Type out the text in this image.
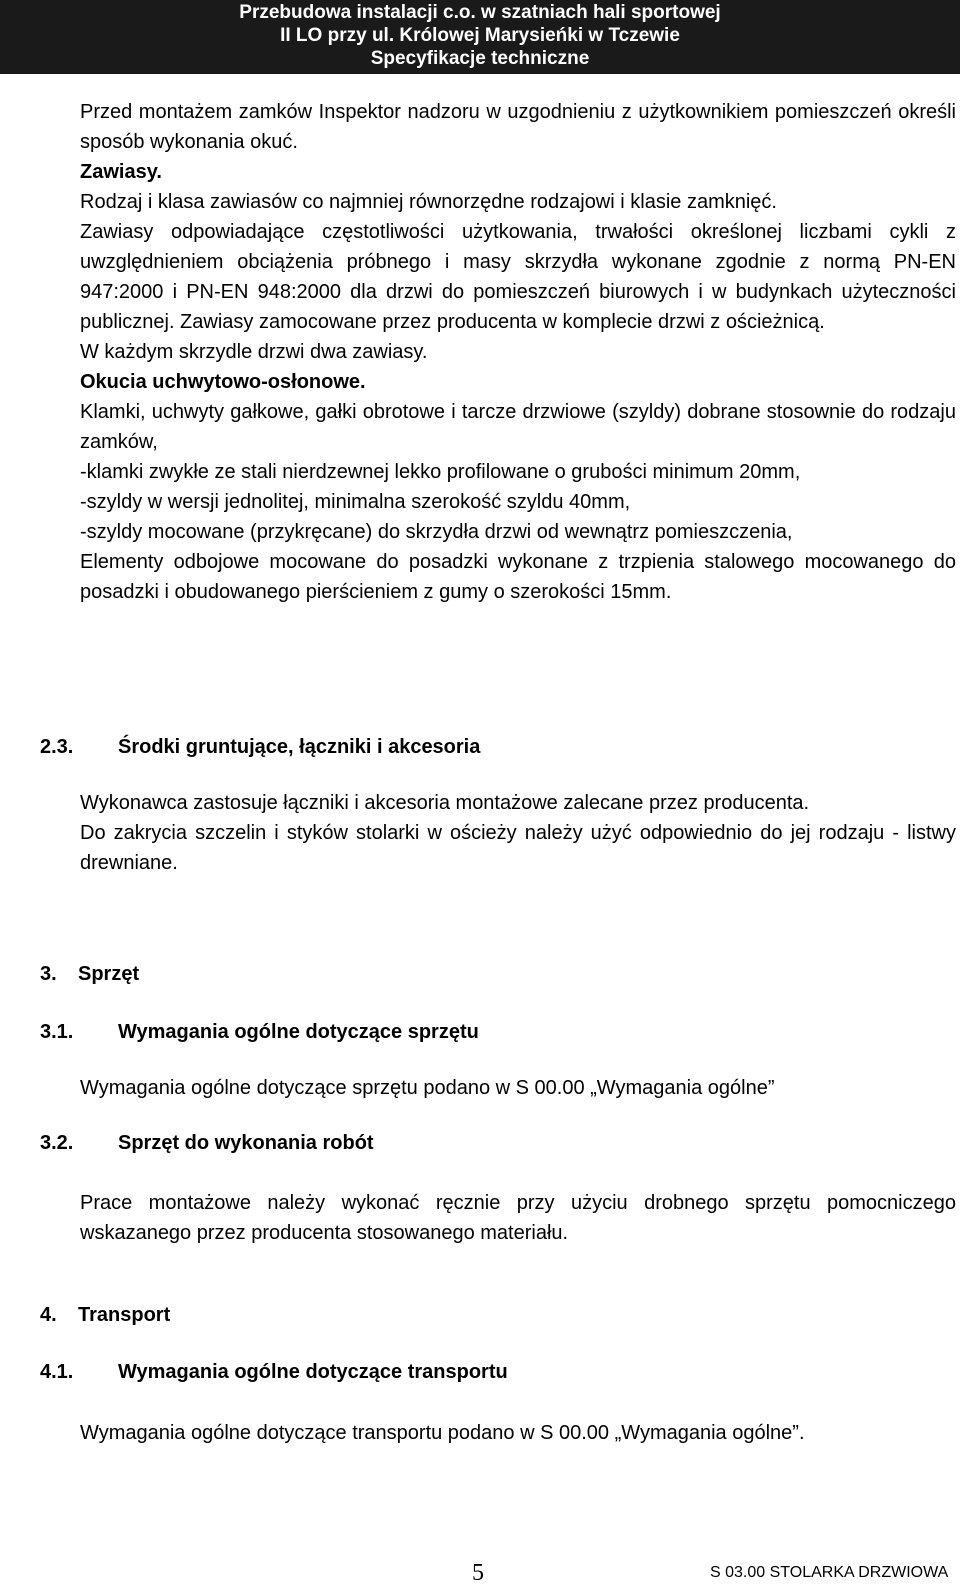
Przebudowa instalacji c.o. w szatniach hali sportowej
II LO przy ul. Królowej Marysieńki w Tczewie
Specyfikacje techniczne

Przed montażem zamków Inspektor nadzoru w uzgodnieniu z użytkownikiem pomieszczeń określi sposób wykonania okuć.

Zawiasy.

Rodzaj i klasa zawiasów co najmniej równorzędne rodzajowi i klasie zamknięć.

Zawiasy odpowiadające częstotliwości użytkowania, trwałości określonej liczbami cykli z uwzględnieniem obciążenia próbnego i masy skrzydła wykonane zgodnie z normą PN-EN 947:2000 i PN-EN 948:2000 dla drzwi do pomieszczeń biurowych i w budynkach użyteczności publicznej. Zawiasy zamocowane przez producenta w komplecie drzwi z ościeżnicą.

W każdym skrzydle drzwi dwa zawiasy.

Okucia uchwytowo-osłonowe.

Klamki, uchwyty gałkowe, gałki obrotowe i tarcze drzwiowe (szyldy) dobrane stosownie do rodzaju zamków,

-klamki zwykłe ze stali nierdzewnej lekko profilowane o grubości minimum 20mm,

-szyldy w wersji jednolitej, minimalna szerokość szyldu 40mm,

-szyldy mocowane (przykręcane) do skrzydła drzwi od wewnątrz pomieszczenia,

Elementy odbojowe mocowane do posadzki wykonane z trzpienia stalowego mocowanego do posadzki i obudowanego pierścieniem z gumy o szerokości 15mm.

2.3. Środki gruntujące, łączniki i akcesoria

Wykonawca zastosuje łączniki i akcesoria montażowe zalecane przez producenta.

Do zakrycia szczelin i styków stolarki w ościeży należy użyć odpowiednio do jej rodzaju - listwy drewniane.

3. Sprzęt
3.1. Wymagania ogólne dotyczące sprzętu

Wymagania ogólne dotyczące sprzętu podano w S 00.00 „Wymagania ogólne”

3.2. Sprzęt do wykonania robót

Prace montażowe należy wykonać ręcznie przy użyciu drobnego sprzętu pomocniczego wskazanego przez producenta stosowanego materiału.

4. Transport
4.1. Wymagania ogólne dotyczące transportu

Wymagania ogólne dotyczące transportu podano w S 00.00 „Wymagania ogólne”.

5	S 03.00 STOLARKA DRZWIOWA
